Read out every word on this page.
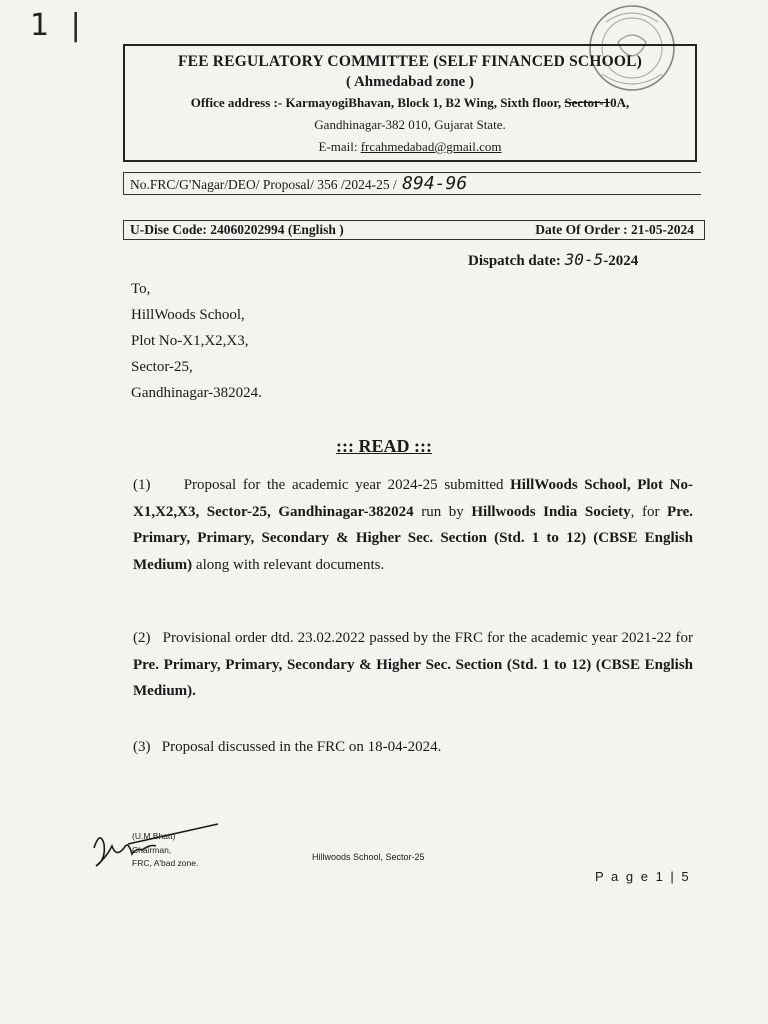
1 |
FEE REGULATORY COMMITTEE (SELF FINANCED SCHOOL)
( Ahmedabad zone )
Office address :- KarmayogiBhavan, Block 1, B2 Wing, Sixth floor, Sector-10A,
Gandhinagar-382 010, Gujarat State.
E-mail: frcahmedabad@gmail.com
No.FRC/G'Nagar/DEO/ Proposal/ 356 /2024-25 / 894-96
U-Dise Code: 24060202994 (English )	Date Of Order : 21-05-2024
Dispatch date: 30-5-2024
To,
HillWoods School,
Plot No-X1,X2,X3,
Sector-25,
Gandhinagar-382024.
::: READ :::
(1) Proposal for the academic year 2024-25 submitted HillWoods School, Plot No-X1,X2,X3, Sector-25, Gandhinagar-382024 run by Hillwoods India Society, for Pre. Primary, Primary, Secondary & Higher Sec. Section (Std. 1 to 12) (CBSE English Medium) along with relevant documents.
(2) Provisional order dtd. 23.02.2022 passed by the FRC for the academic year 2021-22 for Pre. Primary, Primary, Secondary & Higher Sec. Section (Std. 1 to 12) (CBSE English Medium).
(3) Proposal discussed in the FRC on 18-04-2024.
(U.M.Bhatt)
Chairman,
FRC, A'bad zone.
Hillwoods School, Sector-25
P a g e 1 | 5
